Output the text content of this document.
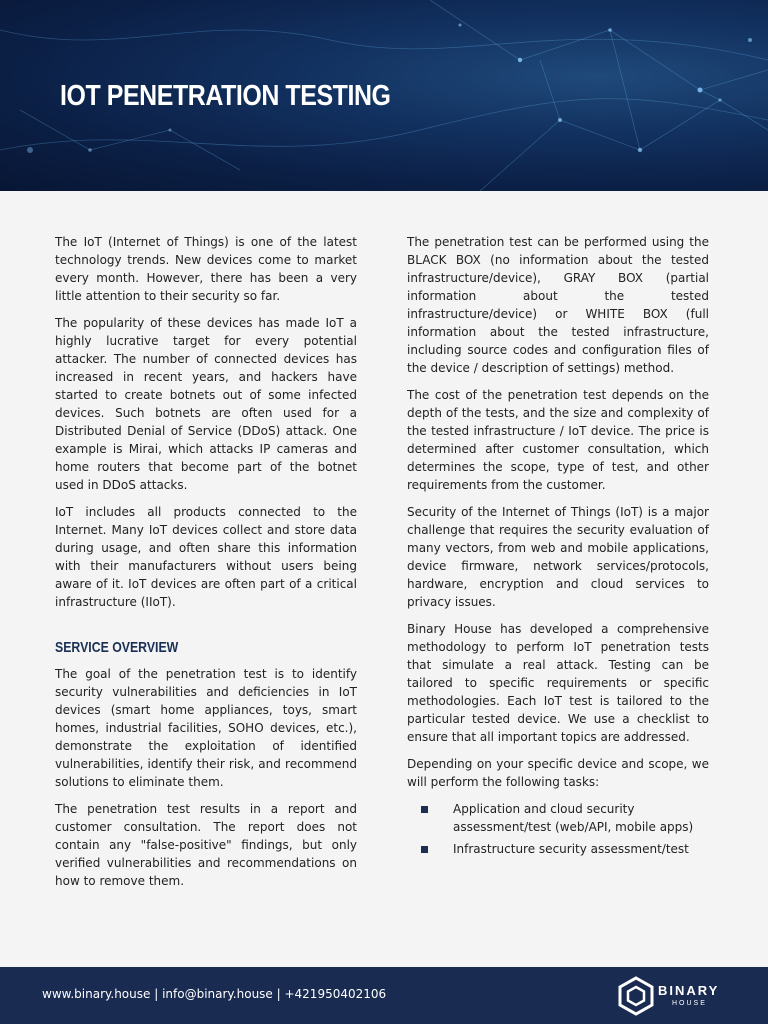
IOT PENETRATION TESTING

The IoT (Internet of Things) is one of the latest technology trends. New devices come to market every month. However, there has been a very little attention to their security so far.

The popularity of these devices has made IoT a highly lucrative target for every potential attacker. The number of connected devices has increased in recent years, and hackers have started to create botnets out of some infected devices. Such botnets are often used for a Distributed Denial of Service (DDoS) attack. One example is Mirai, which attacks IP cameras and home routers that become part of the botnet used in DDoS attacks.

IoT includes all products connected to the Internet. Many IoT devices collect and store data during usage, and often share this information with their manufacturers without users being aware of it. IoT devices are often part of a critical infrastructure (IIoT).

SERVICE OVERVIEW

The goal of the penetration test is to identify security vulnerabilities and deficiencies in IoT devices (smart home appliances, toys, smart homes, industrial facilities, SOHO devices, etc.), demonstrate the exploitation of identified vulnerabilities, identify their risk, and recommend solutions to eliminate them.

The penetration test results in a report and customer consultation. The report does not contain any "false-positive" findings, but only verified vulnerabilities and recommendations on how to remove them.

The penetration test can be performed using the BLACK BOX (no information about the tested infrastructure/device), GRAY BOX (partial information about the tested infrastructure/device) or WHITE BOX (full information about the tested infrastructure, including source codes and configuration files of the device / description of settings) method.

The cost of the penetration test depends on the depth of the tests, and the size and complexity of the tested infrastructure / IoT device. The price is determined after customer consultation, which determines the scope, type of test, and other requirements from the customer.

Security of the Internet of Things (IoT) is a major challenge that requires the security evaluation of many vectors, from web and mobile applications, device firmware, network services/protocols, hardware, encryption and cloud services to privacy issues.

Binary House has developed a comprehensive methodology to perform IoT penetration tests that simulate a real attack. Testing can be tailored to specific requirements or specific methodologies. Each IoT test is tailored to the particular tested device. We use a checklist to ensure that all important topics are addressed.

Depending on your specific device and scope, we will perform the following tasks:

Application and cloud security assessment/test (web/API, mobile apps)
Infrastructure security assessment/test
www.binary.house | info@binary.house | +421950402106	BINARY
HOUSE
